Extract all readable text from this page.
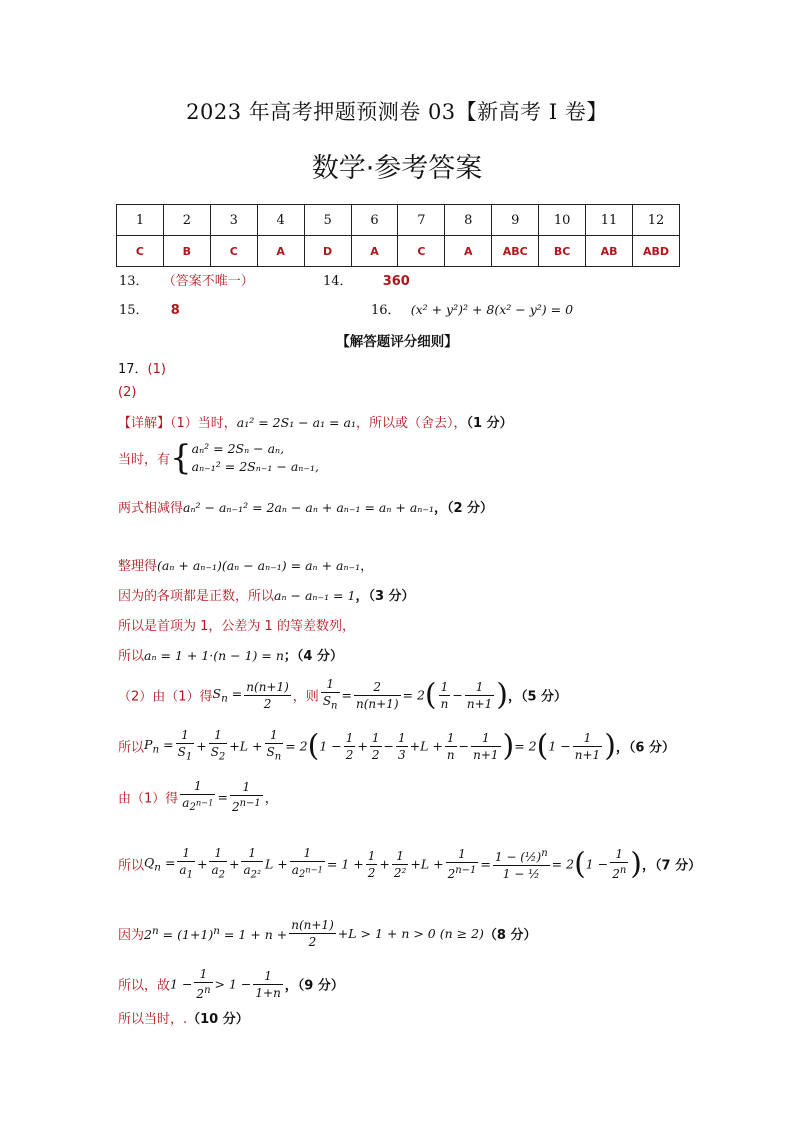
2023 年高考押题预测卷 03【新高考 I 卷】
数学·参考答案
1	2	3	4	5	6	7	8	9	10	11	12
C	B	C	A	D	A	C	A	ABC	BC	AB	ABD
13． （答案不唯一）	14． 360
15． 8	16． (x² + y²)² + 8(x² − y²) = 0
【解答题评分细则】
17．(1)
(2)
【详解】（1）当时，a₁² = 2S₁ − a₁ = a₁，所以或（舍去），（1 分）
当时，有{ aₙ² = 2Sₙ − aₙ,
aₙ₋₁² = 2Sₙ₋₁ − aₙ₋₁,
两式相减得aₙ² − aₙ₋₁² = 2aₙ − aₙ + aₙ₋₁ = aₙ + aₙ₋₁，（2 分）
整理得(aₙ + aₙ₋₁)(aₙ − aₙ₋₁) = aₙ + aₙ₋₁，
因为的各项都是正数，所以aₙ − aₙ₋₁ = 1，（3 分）
所以是首项为 1，公差为 1 的等差数列，
所以aₙ = 1 + 1·(n − 1) = n；（4 分）
（2）由（1）得$S_n = \frac{n(n+1)}{2}$ ，则 $\frac{1}{S_n} = \frac{2}{n(n+1)} = 2( \frac{1}{n} - \frac{1}{n+1}$ )，（5 分）
所以$P_n = \frac{1}{S_1} + \frac{1}{S_2} +L + \frac{1}{S_n} = 2(1 - \frac{1}{2} + \frac{1}{2} - \frac{1}{3} +L + \frac{1}{n} - \frac{1}{n+1}$ )= $2(1 - \frac{1}{n+1}$ )，（6 分）
由（1）得 $\frac{1}{a_{2^{n-1}}} = \frac{1}{2^{n-1}}$ ，
所以$Q_n = \frac{1}{a_1} + \frac{1}{a_2} + \frac{1}{a_{2^2}}$ $L + \frac{1}{a_{2^{n-1}}} = 1 + \frac{1}{2} + \frac{1}{\text{2²}} +L + \frac{1}{2^{n-1}} = \frac{1 - (\frac{1}{2})^n}{\text{1 − ½}} = 2(1 - \frac{1}{2^n}$ )，（7 分）
因为$2^n = (1+1)^n = 1 + n + \frac{n(n+1)}{2} +L > 1 + n > 0$ (n ≥ 2)（8 分）
所以，故$1 - \frac{1}{2^n} > 1 - \frac{1}{1+n}$ ，（9 分）
所以当时，.（10 分）
